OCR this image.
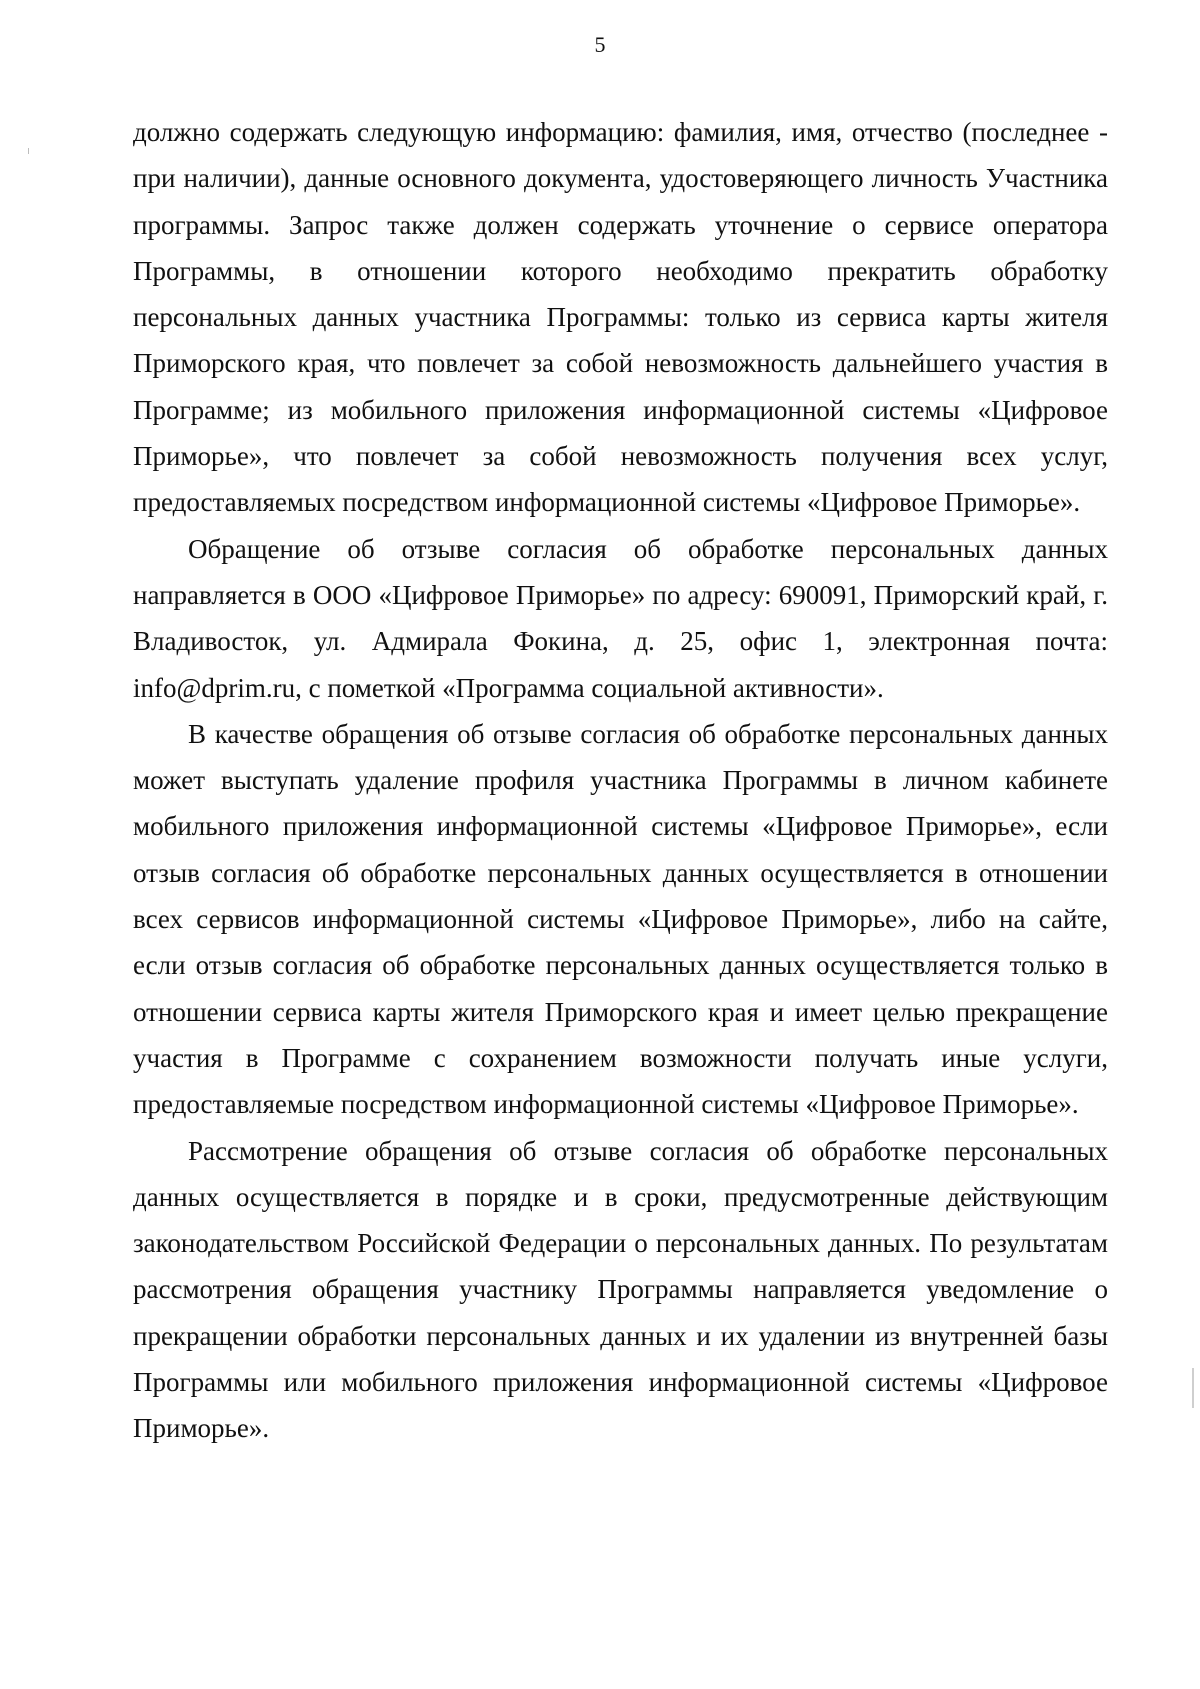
5

должно содержать следующую информацию: фамилия, имя, отчество (последнее - при наличии), данные основного документа, удостоверяющего личность Участника программы. Запрос также должен содержать уточнение о сервисе оператора Программы, в отношении которого необходимо прекратить обработку персональных данных участника Программы: только из сервиса карты жителя Приморского края, что повлечет за собой невозможность дальнейшего участия в Программе; из мобильного приложения информационной системы «Цифровое Приморье», что повлечет за собой невозможность получения всех услуг, предоставляемых посредством информационной системы «Цифровое Приморье».

Обращение об отзыве согласия об обработке персональных данных направляется в ООО «Цифровое Приморье» по адресу: 690091, Приморский край, г. Владивосток, ул. Адмирала Фокина, д. 25, офис 1, электронная почта: info@dprim.ru, с пометкой «Программа социальной активности».

В качестве обращения об отзыве согласия об обработке персональных данных может выступать удаление профиля участника Программы в личном кабинете мобильного приложения информационной системы «Цифровое Приморье», если отзыв согласия об обработке персональных данных осуществляется в отношении всех сервисов информационной системы «Цифровое Приморье», либо на сайте, если отзыв согласия об обработке персональных данных осуществляется только в отношении сервиса карты жителя Приморского края и имеет целью прекращение участия в Программе с сохранением возможности получать иные услуги, предоставляемые посредством информационной системы «Цифровое Приморье».

Рассмотрение обращения об отзыве согласия об обработке персональных данных осуществляется в порядке и в сроки, предусмотренные действующим законодательством Российской Федерации о персональных данных. По результатам рассмотрения обращения участнику Программы направляется уведомление о прекращении обработки персональных данных и их удалении из внутренней базы Программы или мобильного приложения информационной системы «Цифровое Приморье».
